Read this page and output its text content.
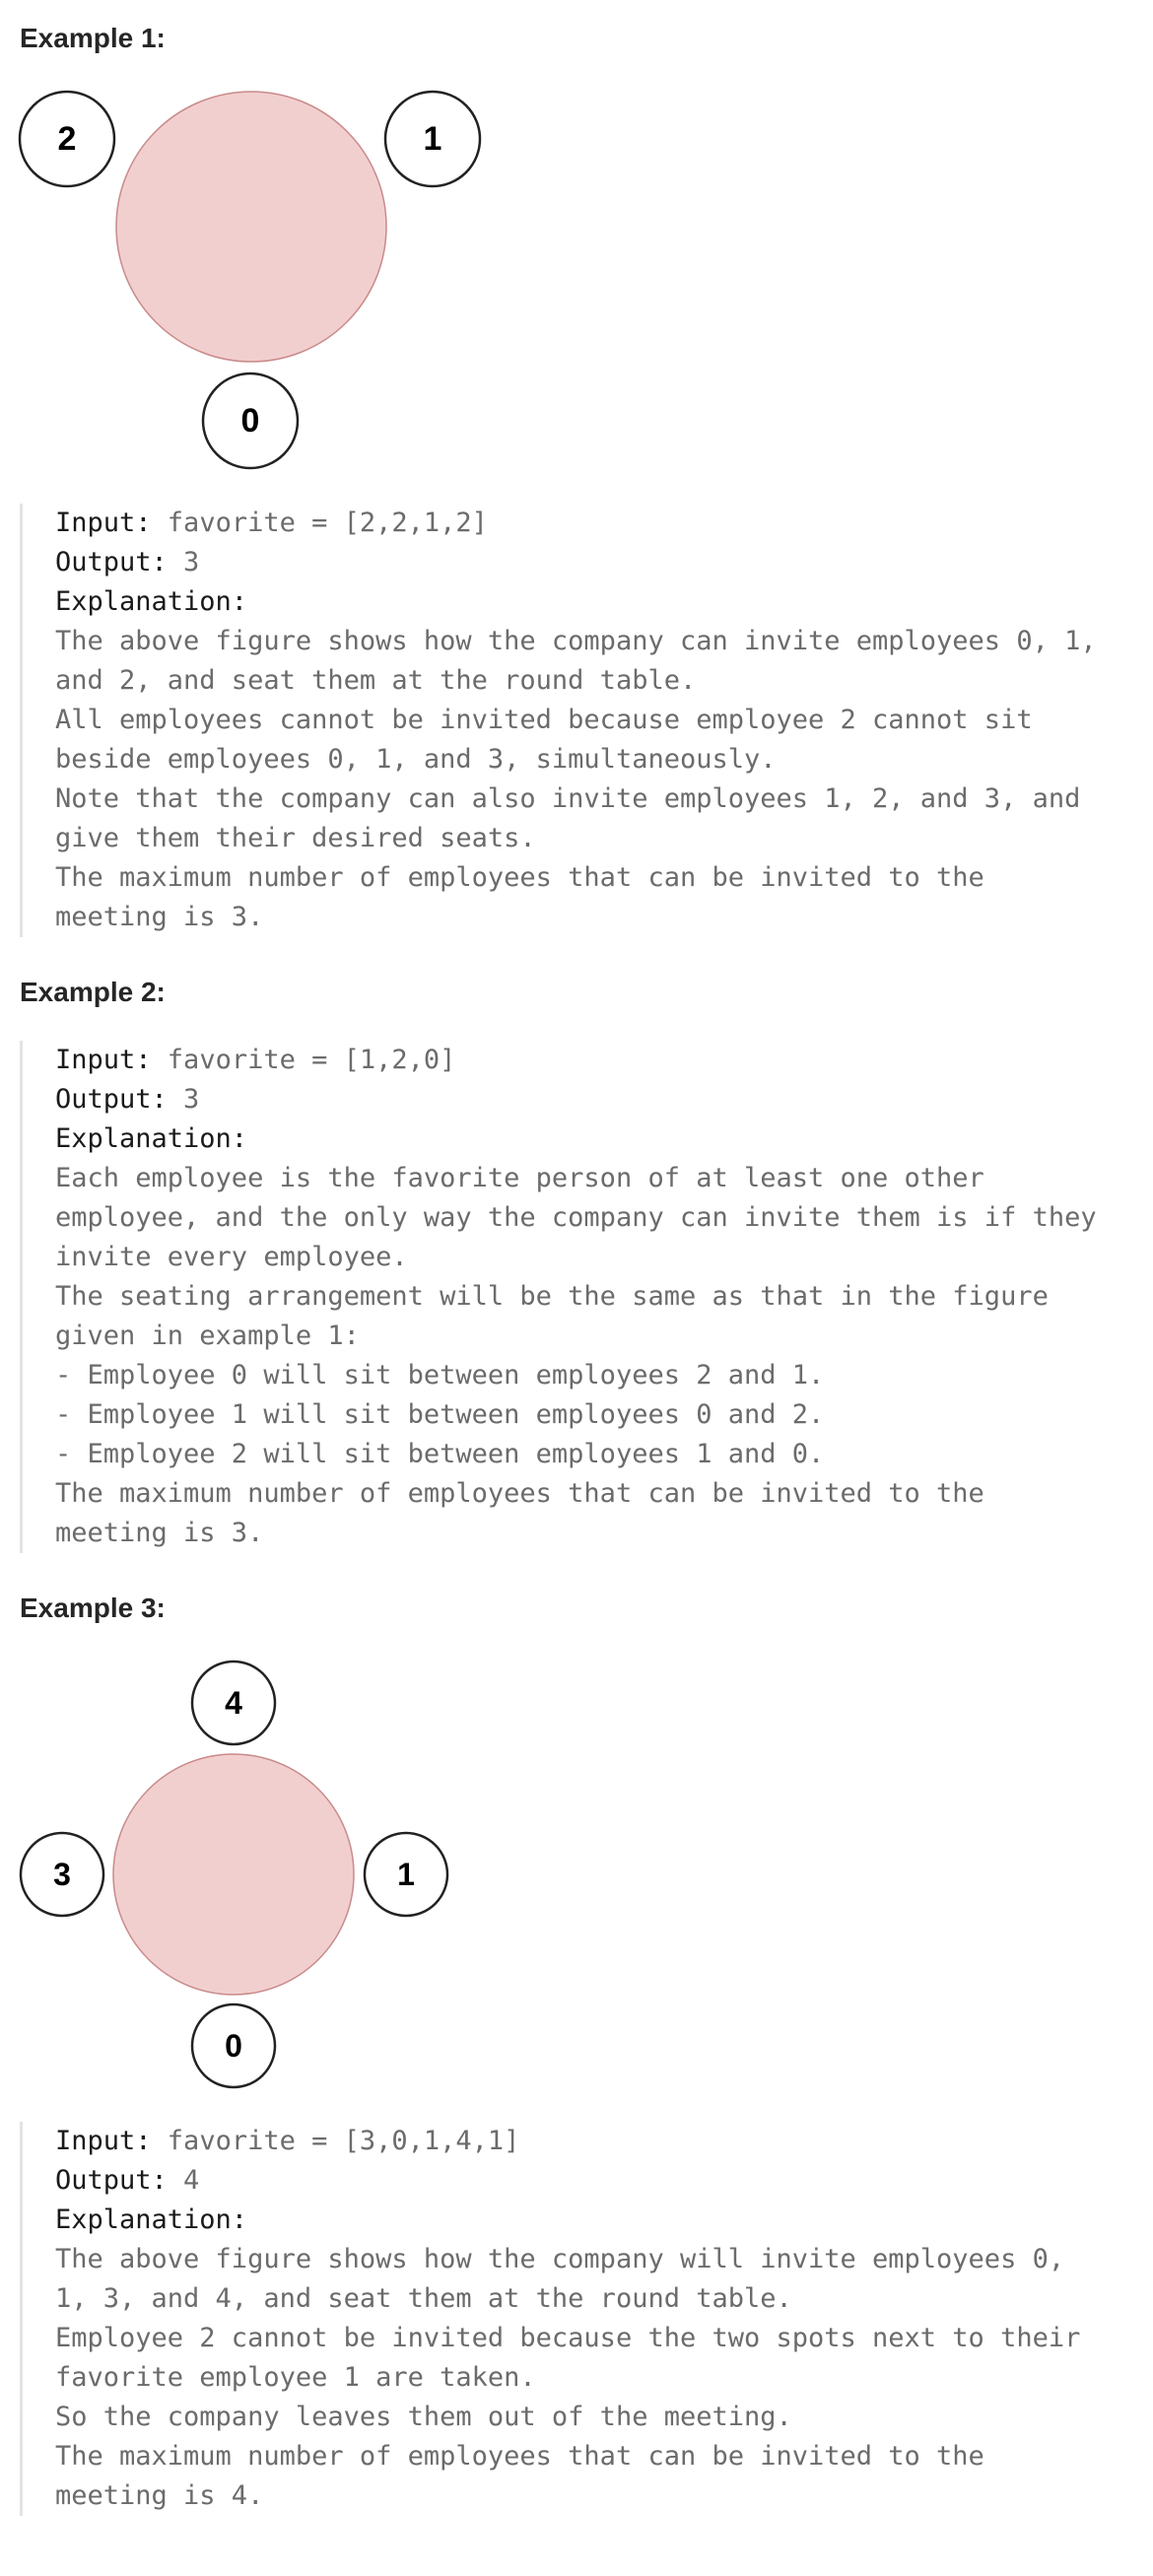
Example 1:
2	1
0
Input: favorite = [2,2,1,2]
Output: 3
Explanation:
The above figure shows how the company can invite employees 0, 1,
and 2, and seat them at the round table.
All employees cannot be invited because employee 2 cannot sit
beside employees 0, 1, and 3, simultaneously.
Note that the company can also invite employees 1, 2, and 3, and
give them their desired seats.
The maximum number of employees that can be invited to the
meeting is 3.
Example 2:
Input: favorite = [1,2,0]
Output: 3
Explanation:
Each employee is the favorite person of at least one other
employee, and the only way the company can invite them is if they
invite every employee.
The seating arrangement will be the same as that in the figure
given in example 1:
- Employee 0 will sit between employees 2 and 1.
- Employee 1 will sit between employees 0 and 2.
- Employee 2 will sit between employees 1 and 0.
The maximum number of employees that can be invited to the
meeting is 3.
Example 3:
4
3	1
0
Input: favorite = [3,0,1,4,1]
Output: 4
Explanation:
The above figure shows how the company will invite employees 0,
1, 3, and 4, and seat them at the round table.
Employee 2 cannot be invited because the two spots next to their
favorite employee 1 are taken.
So the company leaves them out of the meeting.
The maximum number of employees that can be invited to the
meeting is 4.
